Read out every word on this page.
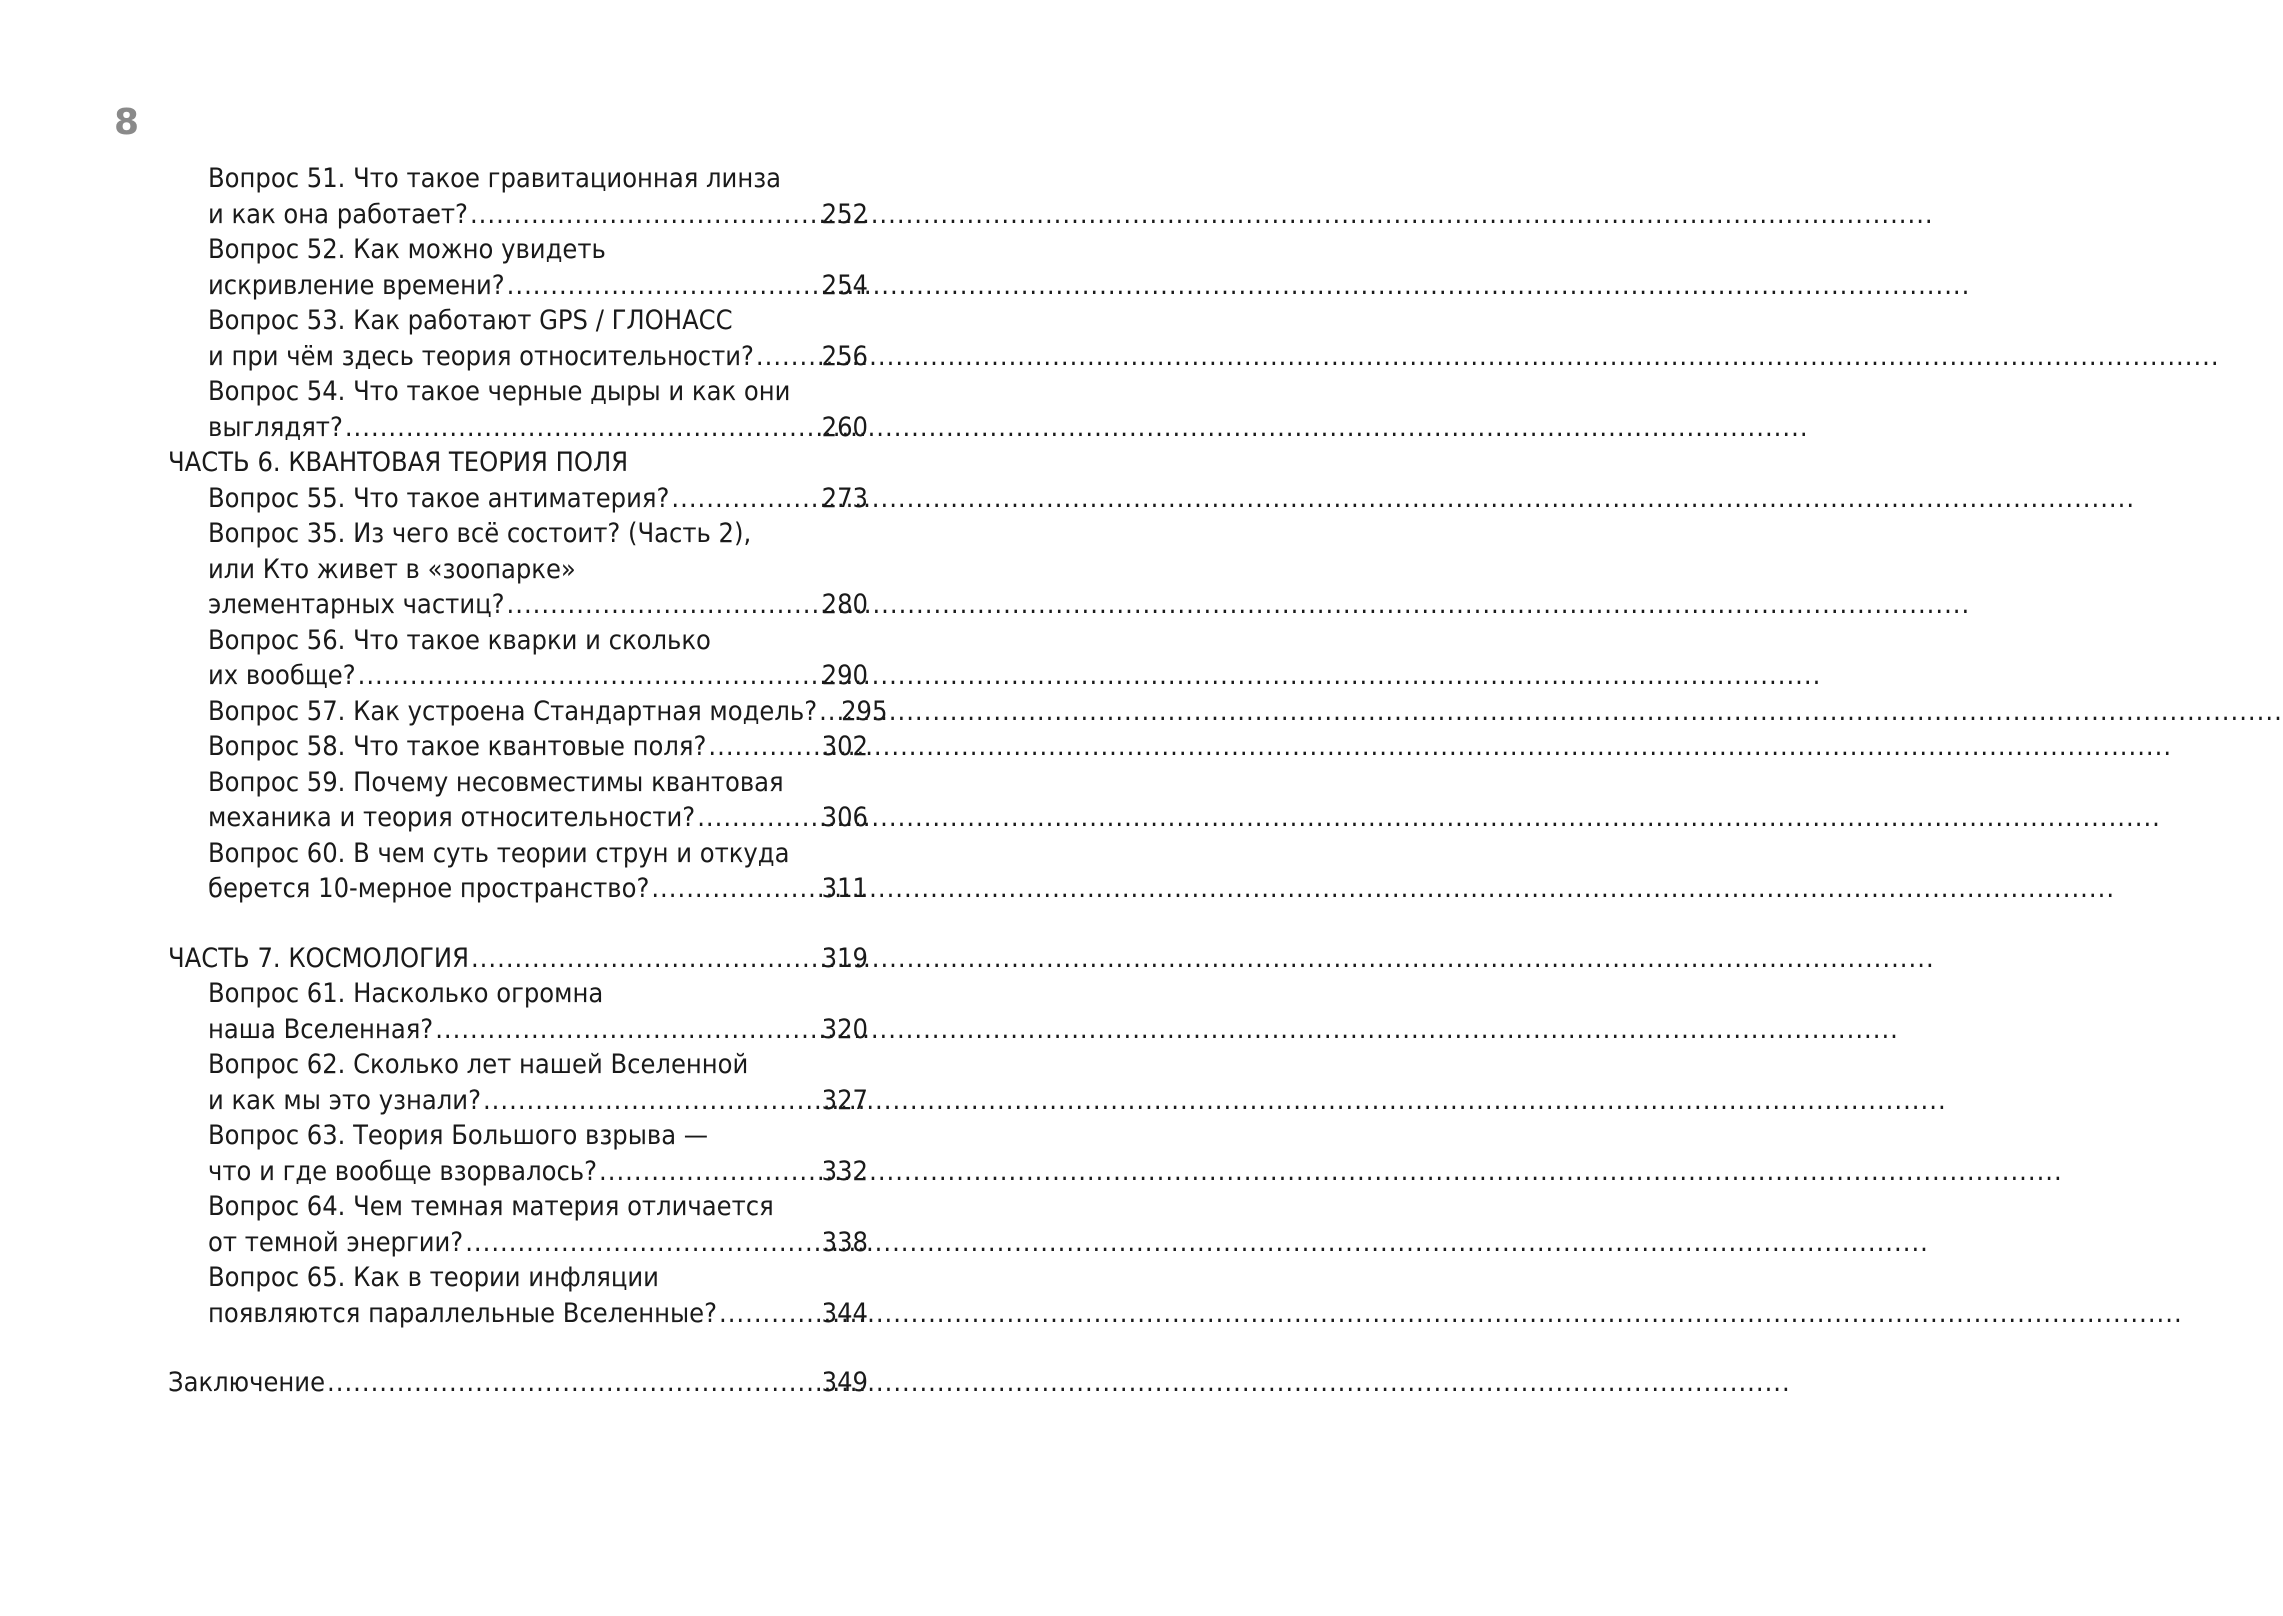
8
Вопрос 51. Что такое гравитационная линза
и как она работает? .....	252
Вопрос 52. Как можно увидеть
искривление времени? .....	254
Вопрос 53. Как работают GPS / ГЛОНАСС
и при чём здесь теория относительности? .....	256
Вопрос 54. Что такое черные дыры и как они
выглядят? .....	260
ЧАСТЬ 6. КВАНТОВАЯ ТЕОРИЯ ПОЛЯ
Вопрос 55. Что такое антиматерия? .....	273
Вопрос 35. Из чего всё состоит? (Часть 2),
или Кто живет в «зоопарке»
элементарных частиц? .....	280
Вопрос 56. Что такое кварки и сколько
их вообще? .....	290
Вопрос 57. Как устроена Стандартная модель? ..... 295
Вопрос 58. Что такое квантовые поля? .....	302
Вопрос 59. Почему несовместимы квантовая
механика и теория относительности? .....	306
Вопрос 60. В чем суть теории струн и откуда
берется 10-мерное пространство? .....	311
ЧАСТЬ 7. КОСМОЛОГИЯ .....	319
Вопрос 61. Насколько огромна
наша Вселенная? .....	320
Вопрос 62. Сколько лет нашей Вселенной
и как мы это узнали? .....	327
Вопрос 63. Теория Большого взрыва —
что и где вообще взорвалось? .....	332
Вопрос 64. Чем темная материя отличается
от темной энергии? .....	338
Вопрос 65. Как в теории инфляции
появляются параллельные Вселенные? .....	344
Заключение .....	349
